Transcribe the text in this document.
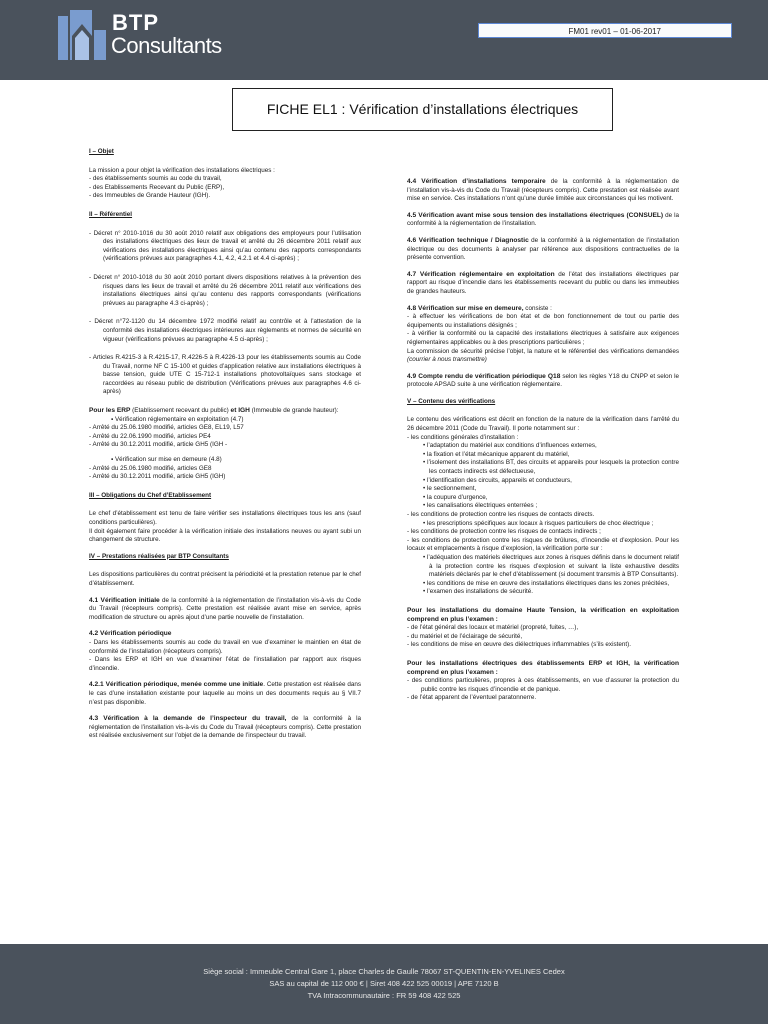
BTP
Consultants
FM01 rev01 – 01-06-2017
FICHE EL1 : Vérification d’installations électriques
I – Objet
La mission a pour objet la vérification des installations électriques :
- des établissements soumis au code du travail,
- des Etablissements Recevant du Public (ERP),
- des Immeubles de Grande Hauteur (IGH).
II – Référentiel
- Décret n° 2010-1016 du 30 août 2010 relatif aux obligations des employeurs pour l’utilisation des installations électriques des lieux de travail et arrêté du 26 décembre 2011 relatif aux vérifications des installations électriques ainsi qu’au contenu des rapports correspondants (vérifications prévues aux paragraphes 4.1, 4.2, 4.2.1 et 4.4 ci-après) ;
- Décret n° 2010-1018 du 30 août 2010 portant divers dispositions relatives à la prévention des risques dans les lieux de travail et arrêté du 26 décembre 2011 relatif aux vérifications des installations électriques ainsi qu’au contenu des rapports correspondants (vérifications prévues au paragraphe 4.3 ci-après) ;
- Décret n°72-1120 du 14 décembre 1972 modifié relatif au contrôle et à l’attestation de la conformité des installations électriques intérieures aux règlements et normes de sécurité en vigueur (vérifications prévues au paragraphe 4.5 ci-après) ;
- Articles R.4215-3 à R.4215-17, R.4226-5 à R.4226-13 pour les établissements soumis au Code du Travail, norme NF C 15-100 et guides d’application relative aux installations électriques à basse tension, guide UTE C 15-712-1 installations photovoltaïques sans stockage et raccordées au réseau public de distribution (Vérifications prévues aux paragraphes 4.6 ci-après)
Pour les ERP (Etablissement recevant du public) et IGH (Immeuble de grande hauteur):
▪ Vérification réglementaire en exploitation (4.7)
- Arrêté du 25.06.1980 modifié, articles GE8, EL19, L57
- Arrêté du 22.06.1990 modifié, articles PE4
- Arrêté du 30.12.2011 modifié, article GH5 (IGH -
▪ Vérification sur mise en demeure (4.8)
- Arrêté du 25.06.1980 modifié, articles GE8
- Arrêté du 30.12.2011 modifié, article GH5 (IGH)
III – Obligations du Chef d’Etablissement
Le chef d’établissement est tenu de faire vérifier ses installations électriques tous les ans (sauf conditions particulières).
Il doit également faire procéder à la vérification initiale des installations neuves ou ayant subi un changement de structure.
IV – Prestations réalisées par BTP Consultants
Les dispositions particulières du contrat précisent la périodicité et la prestation retenue par le chef d’établissement.
4.1 Vérification initiale de la conformité à la réglementation de l’installation vis-à-vis du Code du Travail (récepteurs compris). Cette prestation est réalisée avant mise en service, après modification de structure ou après ajout d’une partie nouvelle de l’installation.
4.2 Vérification périodique
- Dans les établissements soumis au code du travail en vue d’examiner le maintien en état de conformité de l’installation (récepteurs compris).
- Dans les ERP et IGH en vue d’examiner l’état de l’installation par rapport aux risques d’incendie.
4.2.1 Vérification périodique, menée comme une initiale. Cette prestation est réalisée dans le cas d’une installation existante pour laquelle au moins un des documents requis au § VII.7 n’est pas disponible.
4.3 Vérification à la demande de l’inspecteur du travail, de la conformité à la réglementation de l’installation vis-à-vis du Code du Travail (récepteurs compris). Cette prestation est réalisée exclusivement sur l’objet de la demande de l’inspecteur du travail.
4.4 Vérification d’installations temporaire de la conformité à la réglementation de l’installation vis-à-vis du Code du Travail (récepteurs compris). Cette prestation est réalisée avant mise en service. Ces installations n’ont qu’une durée limitée aux circonstances qui les motivent.
4.5 Vérification avant mise sous tension des installations électriques (CONSUEL) de la conformité à la réglementation de l’installation.
4.6 Vérification technique / Diagnostic de la conformité à la réglementation de l’installation électrique ou des documents à analyser par référence aux dispositions contractuelles de la présente convention.
4.7 Vérification réglementaire en exploitation de l’état des installations électriques par rapport au risque d’incendie dans les établissements recevant du public ou dans les immeubles de grandes hauteurs.
4.8 Vérification sur mise en demeure, consiste :
- à effectuer les vérifications de bon état et de bon fonctionnement de tout ou partie des équipements ou installations désignés ;
- à vérifier la conformité ou la capacité des installations électriques à satisfaire aux exigences réglementaires applicables ou à des prescriptions particulières ;
La commission de sécurité précise l’objet, la nature et le référentiel des vérifications demandées (courrier à nous transmettre)
4.9 Compte rendu de vérification périodique Q18 selon les règles Y18 du CNPP et selon le protocole APSAD suite à une vérification réglementaire.
V – Contenu des vérifications
Le contenu des vérifications est décrit en fonction de la nature de la vérification dans l’arrêté du 26 décembre 2011 (Code du Travail). Il porte notamment sur :
- les conditions générales d’installation :
• l’adaptation du matériel aux conditions d’influences externes,
• la fixation et l’état mécanique apparent du matériel,
• l’isolement des installations BT, des circuits et appareils pour lesquels la protection contre les contacts indirects est défectueuse,
• l’identification des circuits, appareils et conducteurs,
• le sectionnement,
• la coupure d’urgence,
• les canalisations électriques enterrées ;
- les conditions de protection contre les risques de contacts directs.
• les prescriptions spécifiques aux locaux à risques particuliers de choc électrique ;
- les conditions de protection contre les risques de contacts indirects ;
- les conditions de protection contre les risques de brûlures, d’incendie et d’explosion. Pour les locaux et emplacements à risque d’explosion, la vérification porte sur :
• l’adéquation des matériels électriques aux zones à risques définis dans le document relatif à la protection contre les risques d’explosion et suivant la liste exhaustive desdits matériels déclarés par le chef d’établissement (si document transmis à BTP Consultants).
• les conditions de mise en œuvre des installations électriques dans les zones précitées,
• l’examen des installations de sécurité.
Pour les installations du domaine Haute Tension, la vérification en exploitation comprend en plus l’examen :
- de l’état général des locaux et matériel (propreté, fuites, …),
- du matériel et de l’éclairage de sécurité,
- les conditions de mise en œuvre des diélectriques inflammables (s’ils existent).
Pour les installations électriques des établissements ERP et IGH, la vérification comprend en plus l’examen :
- des conditions particulières, propres à ces établissements, en vue d’assurer la protection du public contre les risques d’incendie et de panique.
- de l’état apparent de l’éventuel paratonnerre.
Siège social : Immeuble Central Gare 1, place Charles de Gaulle 78067 ST-QUENTIN-EN-YVELINES Cedex
SAS au capital de 112 000 € | Siret 408 422 525 00019 | APE 7120 B
TVA Intracommunautaire : FR 59 408 422 525
